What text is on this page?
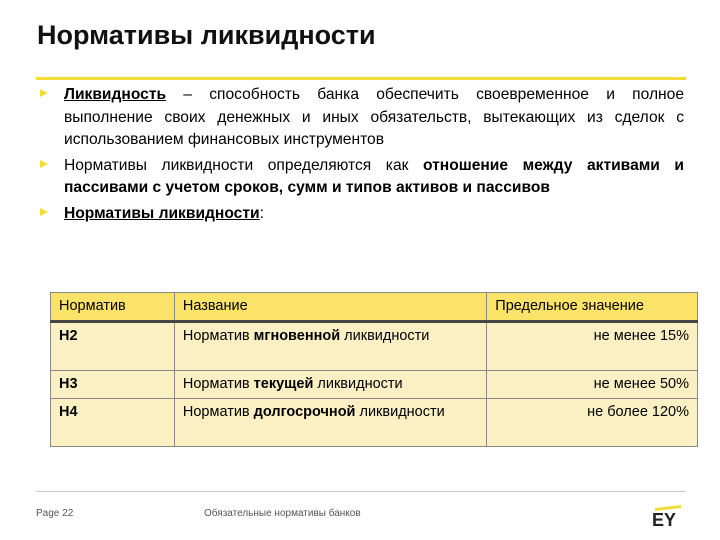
Нормативы ликвидности
Ликвидность – способность банка обеспечить своевременное и полное выполнение своих денежных и иных обязательств, вытекающих из сделок с использованием финансовых инструментов
Нормативы ликвидности определяются как отношение между активами и пассивами с учетом сроков, сумм и типов активов и пассивов
Нормативы ликвидности:
Норматив	Название	Предельное значение
Н2	Норматив мгновенной ликвидности	не менее 15%
Н3	Норматив текущей ликвидности	не менее 50%
Н4	Норматив долгосрочной ликвидности	не более 120%
Page 22	Обязательные нормативы банков	EY
